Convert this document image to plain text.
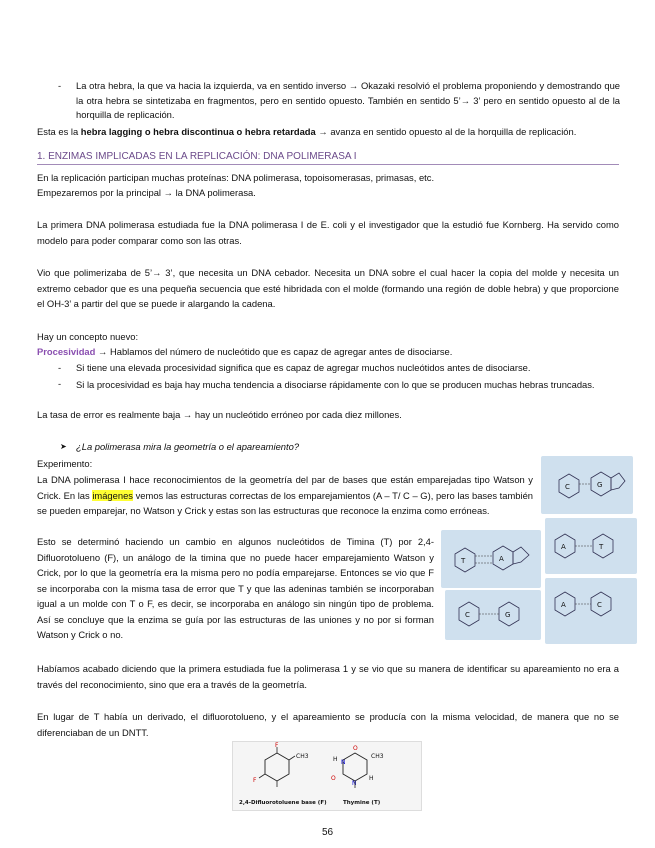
- La otra hebra, la que va hacia la izquierda, va en sentido inverso → Okazaki resolvió el problema proponiendo y demostrando que la otra hebra se sintetizaba en fragmentos, pero en sentido opuesto. También en sentido 5’→ 3’ pero en sentido opuesto al de la horquilla de replicación.
Esta es la hebra lagging o hebra discontinua o hebra retardada → avanza en sentido opuesto al de la horquilla de replicación.
1. ENZIMAS IMPLICADAS EN LA REPLICACIÓN: DNA POLIMERASA I
En la replicación participan muchas proteínas: DNA polimerasa, topoisomerasas, primasas, etc.
Empezaremos por la principal → la DNA polimerasa.
La primera DNA polimerasa estudiada fue la DNA polimerasa I de E. coli y el investigador que la estudió fue Kornberg. Ha servido como modelo para poder comparar como son las otras.
Vio que polimerizaba de 5’→ 3’, que necesita un DNA cebador. Necesita un DNA sobre el cual hacer la copia del molde y necesita un extremo cebador que es una pequeña secuencia que esté hibridada con el molde (formando una región de doble hebra) y que proporcione el OH-3’ a partir del que se puede ir alargando la cadena.
Hay un concepto nuevo:
Procesividad → Hablamos del número de nucleótido que es capaz de agregar antes de disociarse.
- Si tiene una elevada procesividad significa que es capaz de agregar muchos nucleótidos antes de disociarse.
- Si la procesividad es baja hay mucha tendencia a disociarse rápidamente con lo que se producen muchas hebras truncadas.
La tasa de error es realmente baja → hay un nucleótido erróneo por cada diez millones.
➤ ¿La polimerasa mira la geometría o el apareamiento?
Experimento:
La DNA polimerasa I hace reconocimientos de la geometría del par de bases que están emparejadas tipo Watson y Crick. En las imágenes vemos las estructuras correctas de los emparejamientos (A – T/ C – G), pero las bases también se pueden emparejar, no Watson y Crick y estas son las estructuras que reconoce la enzima como erróneas.
Esto se determinó haciendo un cambio en algunos nucleótidos de Timina (T) por 2,4-Difluorotolueno (F), un análogo de la timina que no puede hacer emparejamiento Watson y Crick, por lo que la geometría era la misma pero no podía emparejarse. Entonces se vio que F se incorporaba con la misma tasa de error que T y que las adeninas también se incorporaban igual a un molde con T o F, es decir, se incorporaba en análogo sin ningún tipo de problema. Así se concluye que la enzima se guía por las estructuras de las uniones y no por si forman Watson y Crick o no.
C	G
T	A
A	T
C	G
A	C
Habíamos acabado diciendo que la primera estudiada fue la polimerasa 1 y se vio que su manera de identificar su apareamiento no era a través del reconocimiento, sino que era a través de la geometría.
En lugar de T había un derivado, el difluorotolueno, y el apareamiento se producía con la misma velocidad, de manera que no se diferenciaban de un DNTT.
F
F
CH3
O
O
H N
N
CH3
H
2,4-Difluorotoluene base (F)	Thymine (T)
56
